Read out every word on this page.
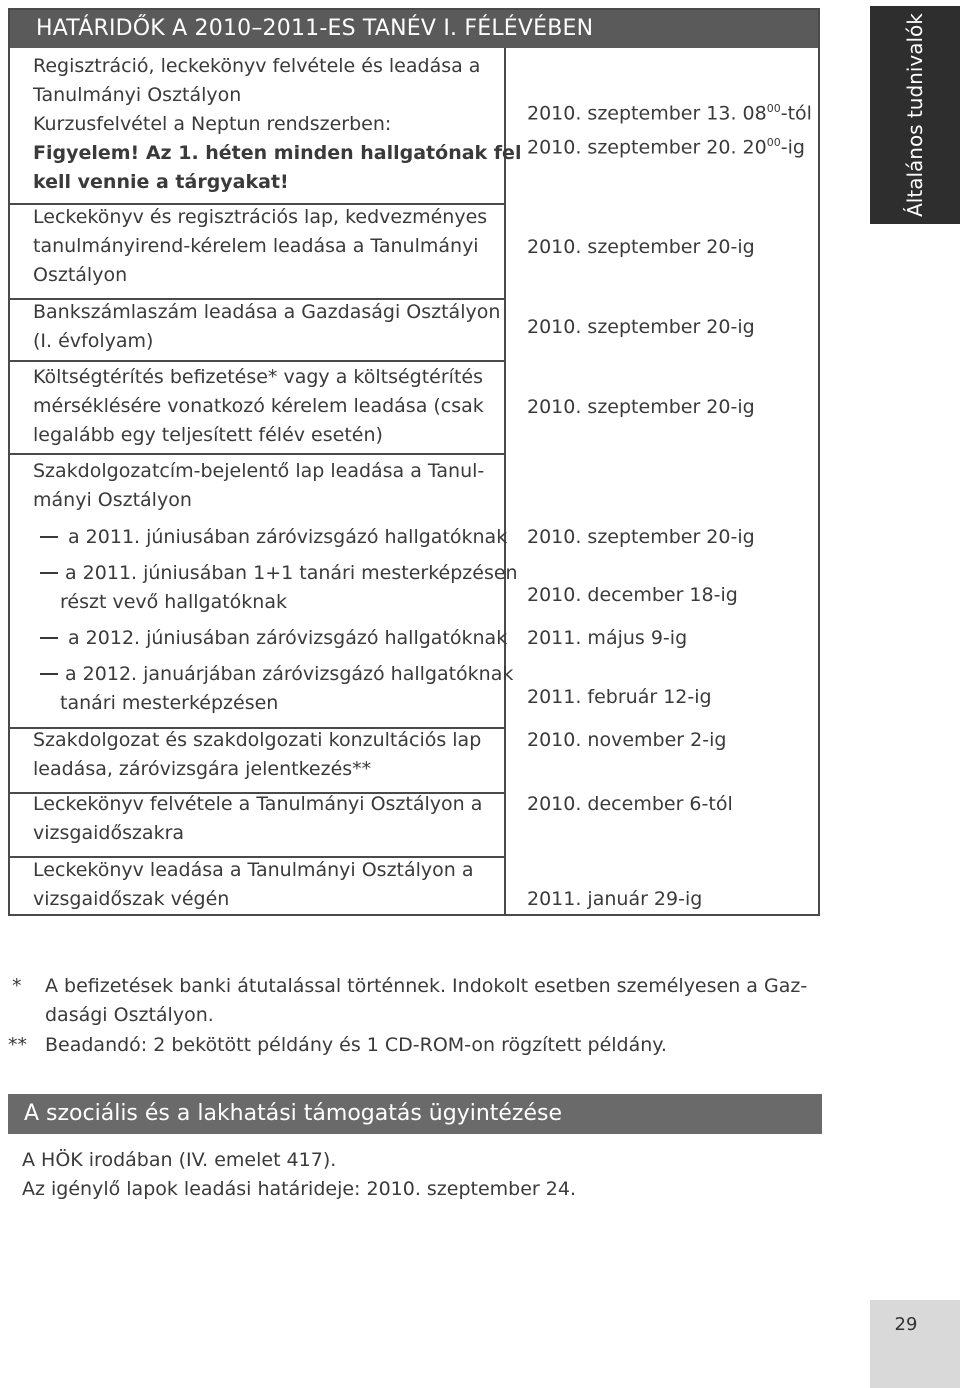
HATÁRIDŐK A 2010–2011-ES TANÉV I. FÉLÉVÉBEN
Regisztráció, leckekönyv felvétele és leadása a
Tanulmányi Osztályon
Kurzusfelvétel a Neptun rendszerben:
Figyelem! Az 1. héten minden hallgatónak fel
kell vennie a tárgyakat!
2010. szeptember 13. $08^{00}$-tól
2010. szeptember 20. $20^{00}-ig$
Leckekönyv és regisztrációs lap, kedvezményes
tanulmányirend-kérelem leadása a Tanulmányi
Osztályon
2010. szeptember 20-ig
Bankszámlaszám leadása a Gazdasági Osztályon
(I. évfolyam)
2010. szeptember 20-ig
Költségtérítés befizetése* vagy a költségtérítés
mérséklésére vonatkozó kérelem leadása (csak
legalább egy teljesített félév esetén)
2010. szeptember 20-ig
Szakdolgozatcím-bejelentő lap leadása a Tanul-
mányi Osztályon
a 2011. júniusában záróvizsgázó hallgatóknak 2010. szeptember 20-ig
a 2011. júniusában 1+1 tanári mesterképzésen
részt vevő hallgatóknak	2010. december 18-ig
a 2012. júniusában záróvizsgázó hallgatóknak 2011. május 9-ig
a 2012. januárjában záróvizsgázó hallgatóknak
tanári mesterképzésen	2011. február 12-ig
Szakdolgozat és szakdolgozati konzultációs lap
leadása, záróvizsgára jelentkezés**
2010. november 2-ig
Leckekönyv felvétele a Tanulmányi Osztályon a
vizsgaidőszakra
2010. december 6-tól
Leckekönyv leadása a Tanulmányi Osztályon a
vizsgaidőszak végén	2011. január 29-ig
Általános tudnivalók
* A befizetések banki átutalással történnek. Indokolt esetben személyesen a Gaz-
dasági Osztályon.
** Beadandó: 2 bekötött példány és 1 CD-ROM-on rögzített példány.
A szociális és a lakhatási támogatás ügyintézése
A HÖK irodában (IV. emelet 417).
Az igénylő lapok leadási határideje: 2010. szeptember 24.
29
